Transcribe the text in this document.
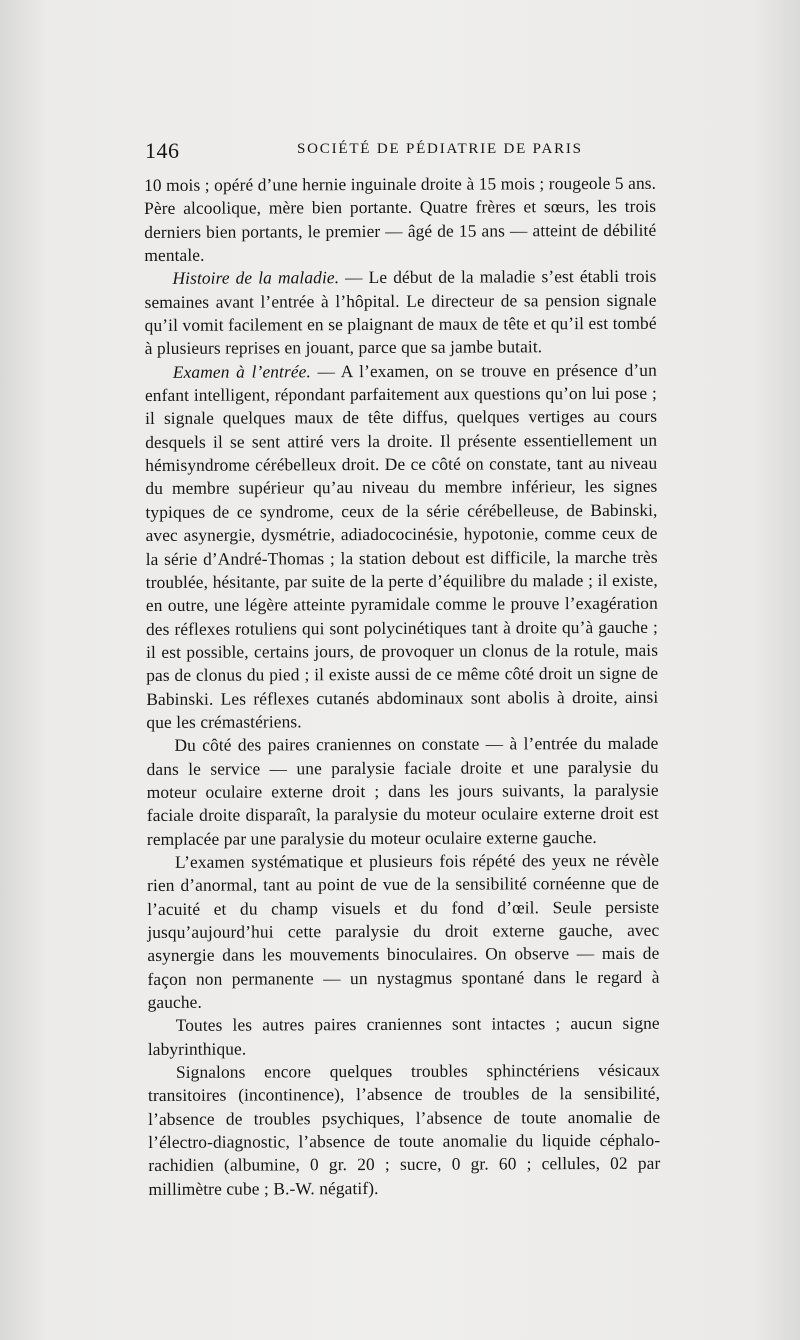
146	SOCIÉTÉ DE PÉDIATRIE DE PARIS

10 mois ; opéré d’une hernie inguinale droite à 15 mois ; rougeole 5 ans. Père alcoolique, mère bien portante. Quatre frères et sœurs, les trois derniers bien portants, le premier — âgé de 15 ans — atteint de débilité mentale.

Histoire de la maladie. — Le début de la maladie s’est établi trois semaines avant l’entrée à l’hôpital. Le directeur de sa pension signale qu’il vomit facilement en se plaignant de maux de tête et qu’il est tombé à plusieurs reprises en jouant, parce que sa jambe butait.

Examen à l’entrée. — A l’examen, on se trouve en présence d’un enfant intelligent, répondant parfaitement aux questions qu’on lui pose ; il signale quelques maux de tête diffus, quelques vertiges au cours desquels il se sent attiré vers la droite. Il présente essentiellement un hémisyndrome cérébelleux droit. De ce côté on constate, tant au niveau du membre supérieur qu’au niveau du membre inférieur, les signes typiques de ce syndrome, ceux de la série cérébelleuse, de Babinski, avec asynergie, dysmétrie, adiadococinésie, hypotonie, comme ceux de la série d’André-Thomas ; la station debout est difficile, la marche très troublée, hésitante, par suite de la perte d’équilibre du malade ; il existe, en outre, une légère atteinte pyramidale comme le prouve l’exagération des réflexes rotuliens qui sont polycinétiques tant à droite qu’à gauche ; il est possible, certains jours, de provoquer un clonus de la rotule, mais pas de clonus du pied ; il existe aussi de ce même côté droit un signe de Babinski. Les réflexes cutanés abdominaux sont abolis à droite, ainsi que les crémastériens.

Du côté des paires craniennes on constate — à l’entrée du malade dans le service — une paralysie faciale droite et une paralysie du moteur oculaire externe droit ; dans les jours suivants, la paralysie faciale droite disparaît, la paralysie du moteur oculaire externe droit est remplacée par une paralysie du moteur oculaire externe gauche.

L’examen systématique et plusieurs fois répété des yeux ne révèle rien d’anormal, tant au point de vue de la sensibilité cornéenne que de l’acuité et du champ visuels et du fond d’œil. Seule persiste jusqu’aujourd’hui cette paralysie du droit externe gauche, avec asynergie dans les mouvements binoculaires. On observe — mais de façon non permanente — un nystagmus spontané dans le regard à gauche.

Toutes les autres paires craniennes sont intactes ; aucun signe labyrinthique.

Signalons encore quelques troubles sphinctériens vésicaux transitoires (incontinence), l’absence de troubles de la sensibilité, l’absence de troubles psychiques, l’absence de toute anomalie de l’électro-diagnostic, l’absence de toute anomalie du liquide céphalo-rachidien (albumine, 0 gr. 20 ; sucre, 0 gr. 60 ; cellules, 02 par millimètre cube ; B.-W. négatif).
